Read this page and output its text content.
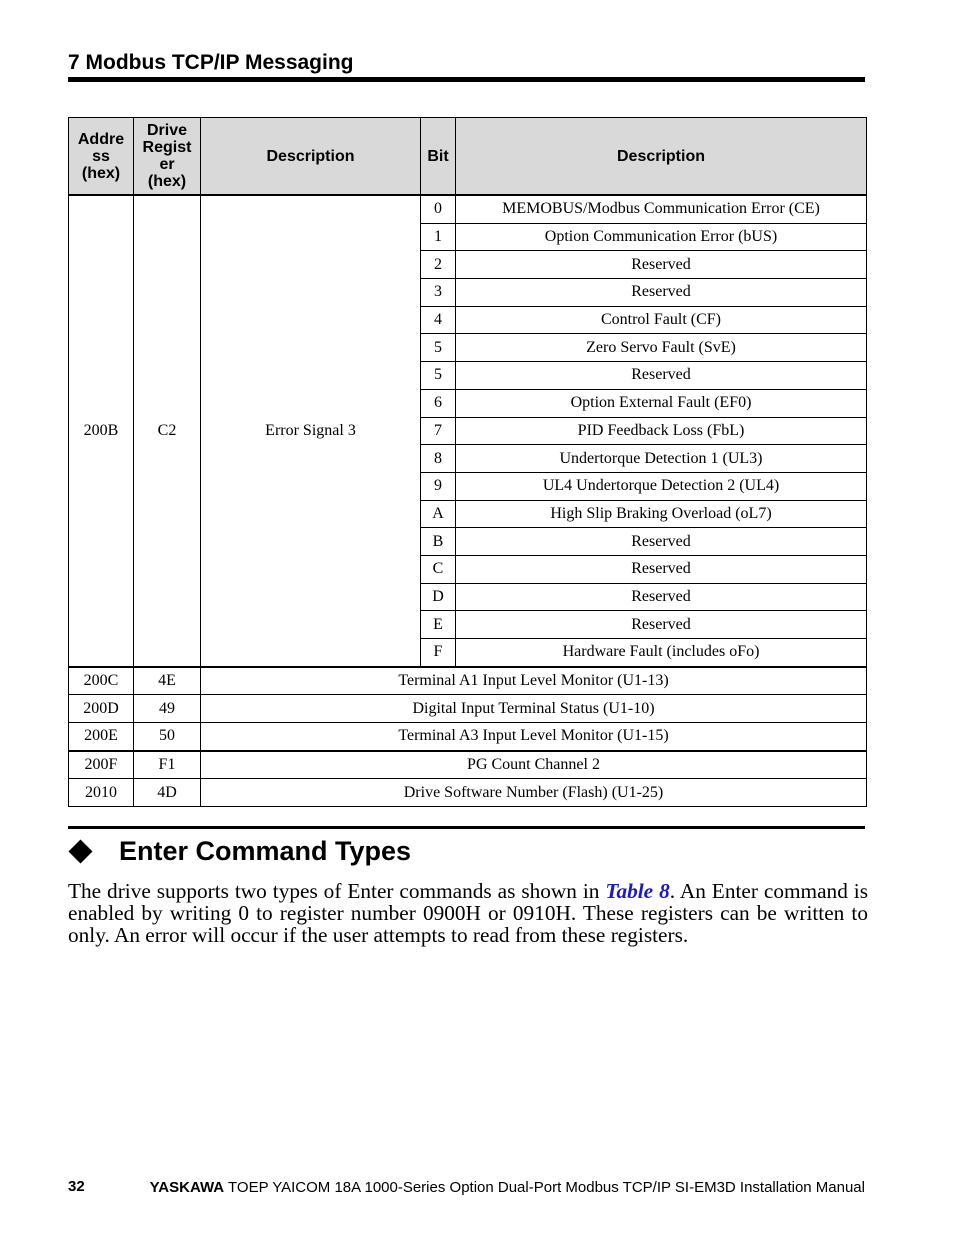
7 Modbus TCP/IP Messaging
Addre
ss
(hex)	Drive
Regist
er
(hex)	Description	Bit	Description
200B	C2	Error Signal 3	0	MEMOBUS/Modbus Communication Error (CE)
			1	Option Communication Error (bUS)
			2	Reserved
			3	Reserved
			4	Control Fault (CF)
			5	Zero Servo Fault (SvE)
			5	Reserved
			6	Option External Fault (EF0)
			7	PID Feedback Loss (FbL)
			8	Undertorque Detection 1 (UL3)
			9	UL4 Undertorque Detection 2 (UL4)
			A	High Slip Braking Overload (oL7)
			B	Reserved
			C	Reserved
			D	Reserved
			E	Reserved
			F	Hardware Fault (includes oFo)
200C	4E	Terminal A1 Input Level Monitor (U1-13)		
200D	49	Digital Input Terminal Status (U1-10)		
200E	50	Terminal A3 Input Level Monitor (U1-15)		
200F	F1	PG Count Channel 2		
2010	4D	Drive Software Number (Flash) (U1-25)		
Enter Command Types

The drive supports two types of Enter commands as shown in Table 8. An Enter command is enabled by writing 0 to register number 0900H or 0910H. These registers can be written to only. An error will occur if the user attempts to read from these registers.

32	YASKAWA TOEP YAICOM 18A 1000-Series Option Dual-Port Modbus TCP/IP SI-EM3D Installation Manual
